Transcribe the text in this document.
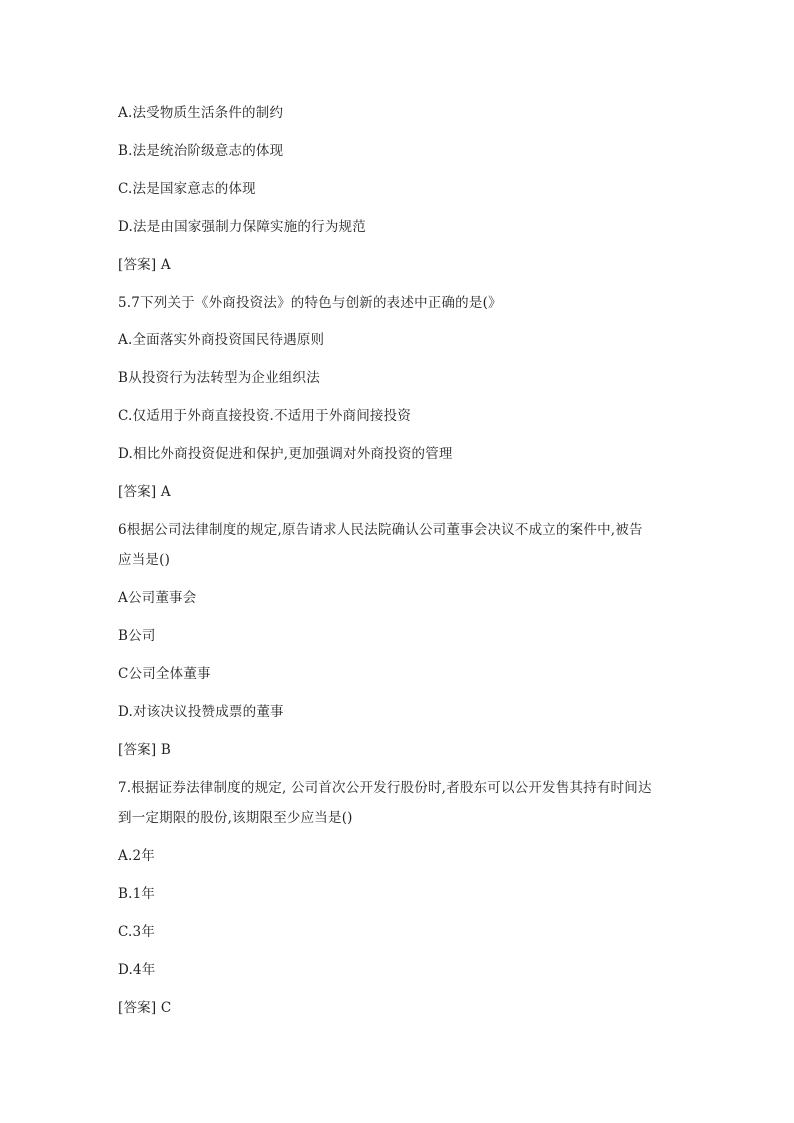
A.法受物质生活条件的制约
B.法是统治阶级意志的体现
C.法是国家意志的体现
D.法是由国家强制力保障实施的行为规范
[答案] A
5.7下列关于《外商投资法》的特色与创新的表述中正确的是(》
A.全面落实外商投资国民待遇原则
B从投资行为法转型为企业组织法
C.仅适用于外商直接投资.不适用于外商间接投资
D.相比外商投资促进和保护,更加强调对外商投资的管理
[答案] A
6根据公司法律制度的规定,原告请求人民法院确认公司董事会决议不成立的案件中,被告
应当是()
A公司董事会
B公司
C公司全体董事
D.对该决议投赞成票的董事
[答案] B
7.根据证券法律制度的规定, 公司首次公开发行股份时,者股东可以公开发售其持有时间达
到一定期限的股份,该期限至少应当是()
A.2年
B.1年
C.3年
D.4年
[答案] C
